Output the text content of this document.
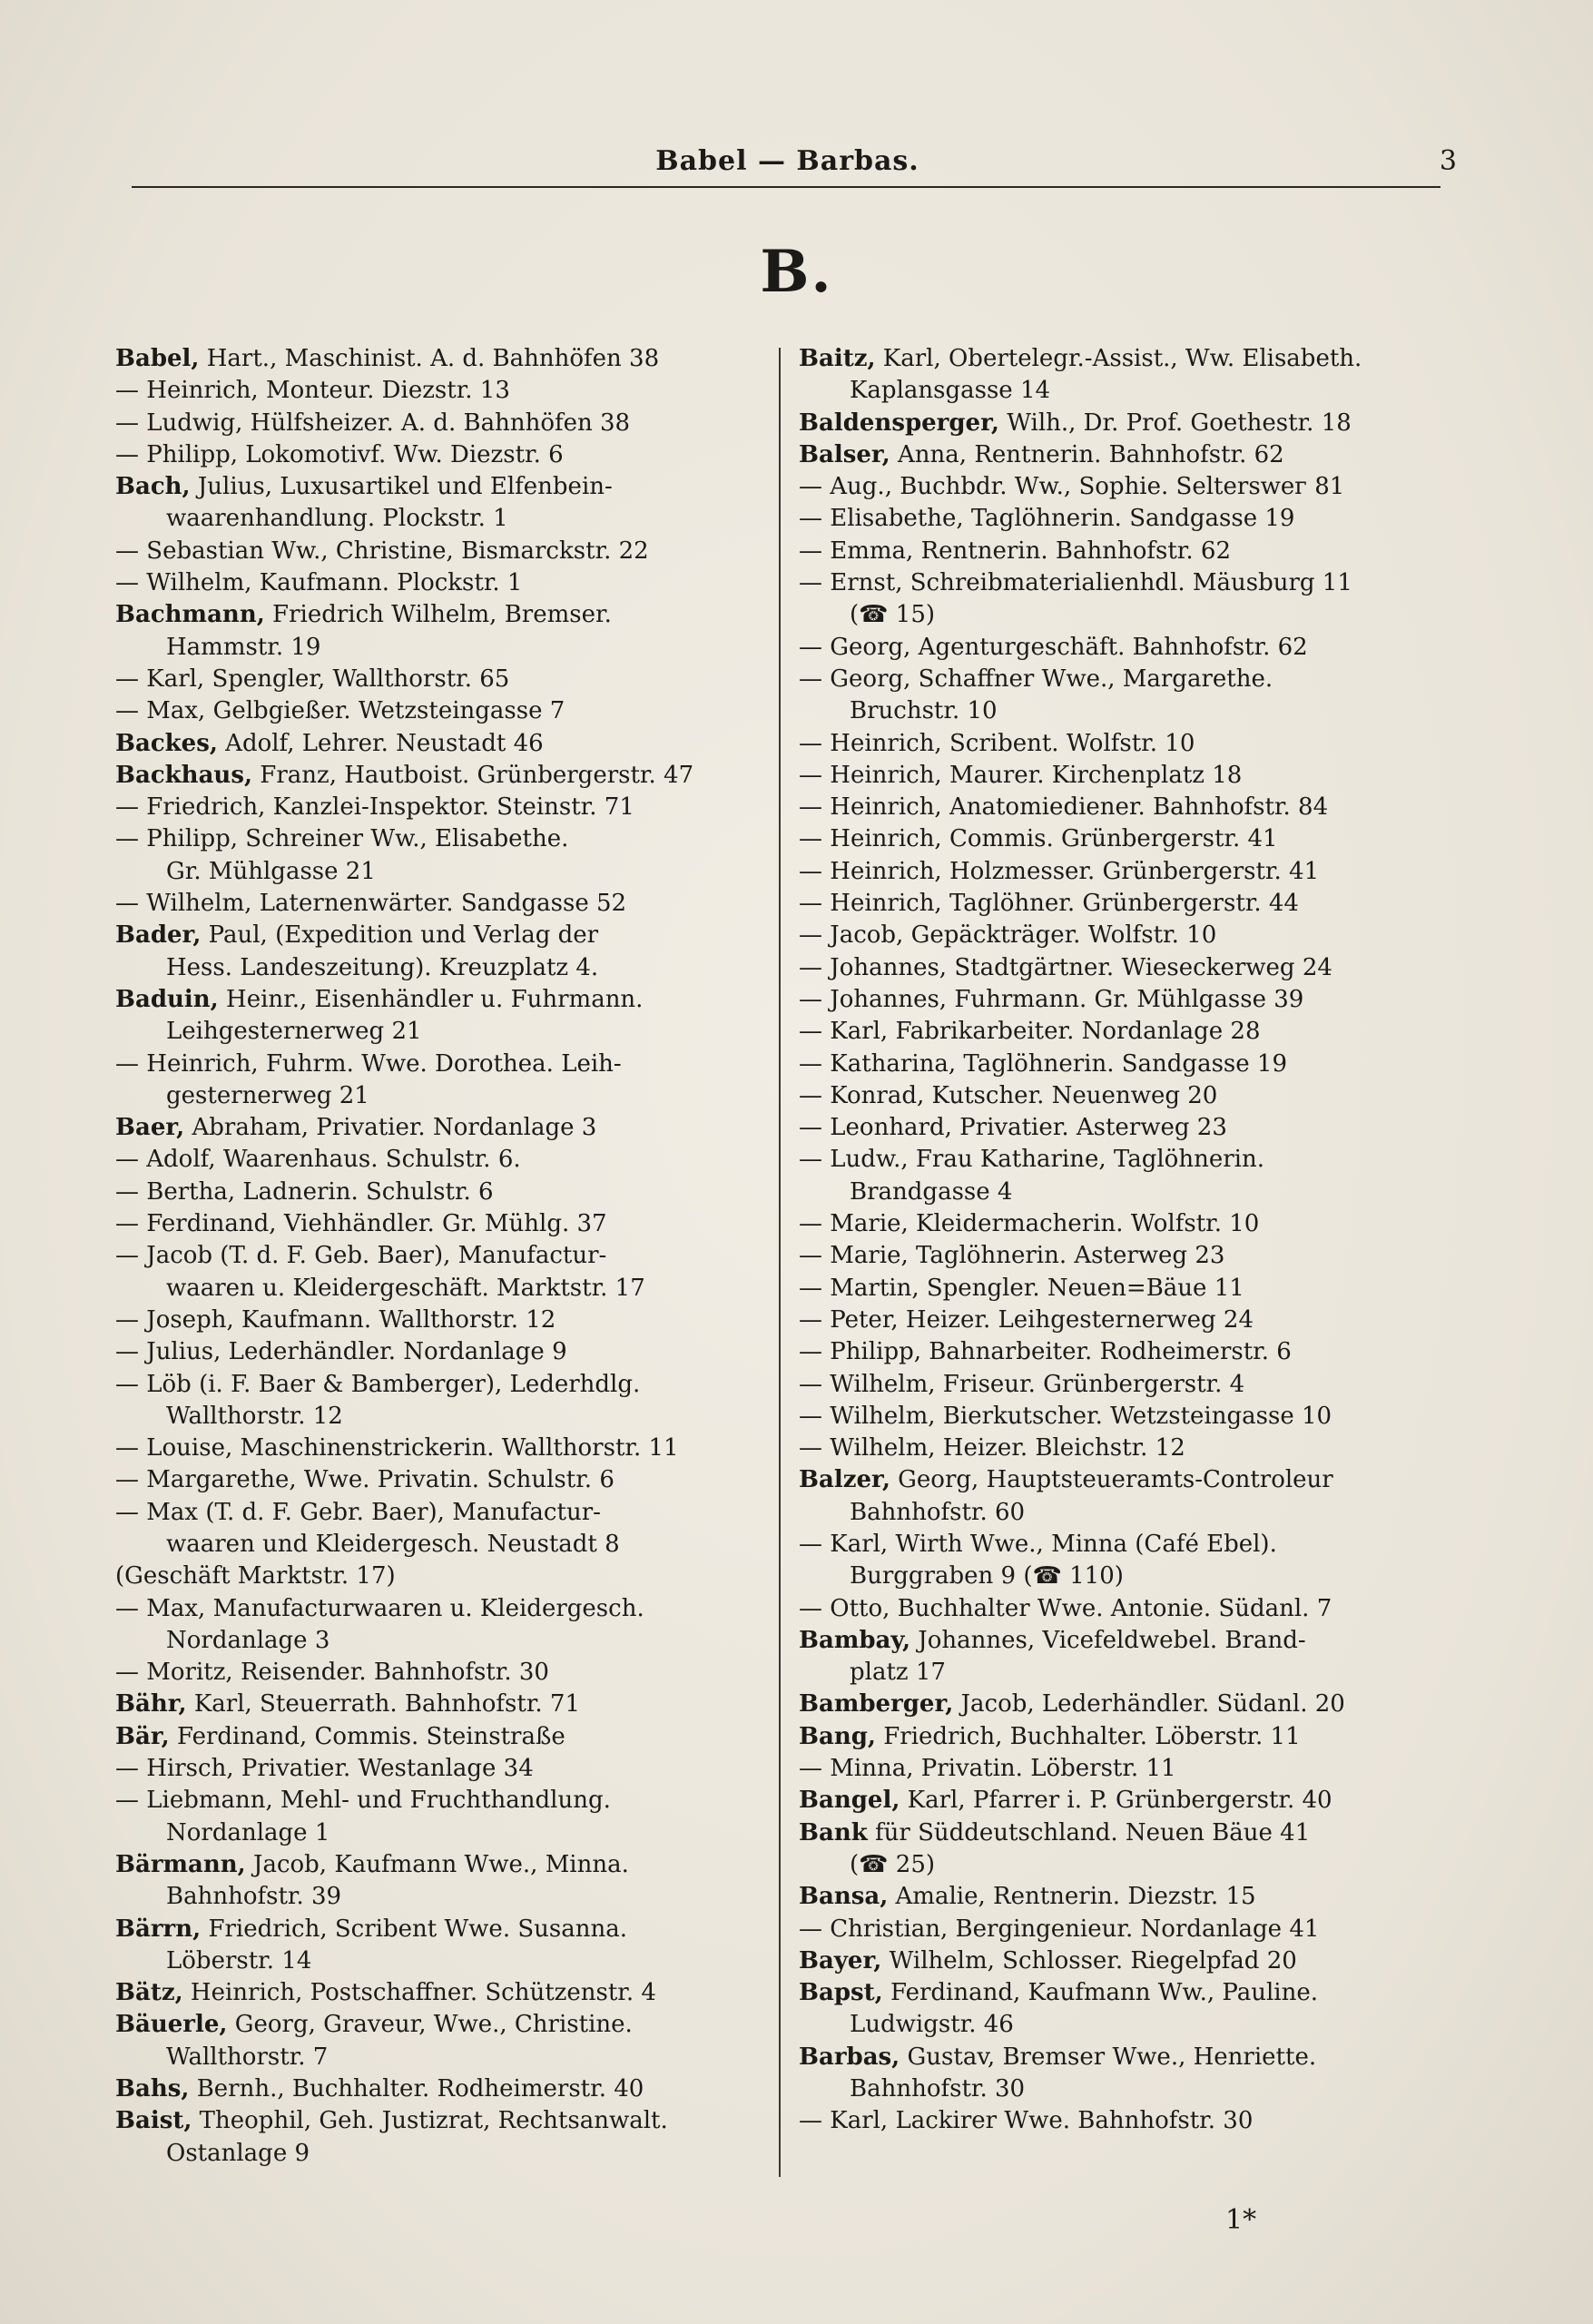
Babel — Barbas.	3
B.
Babel, Hart., Maschinist. A. d. Bahnhöfen 38
— Heinrich, Monteur. Diezstr. 13
— Ludwig, Hülfsheizer. A. d. Bahnhöfen 38
— Philipp, Lokomotivf. Ww. Diezstr. 6
Bach, Julius, Luxusartikel und Elfenbein-
waarenhandlung. Plockstr. 1
— Sebastian Ww., Christine, Bismarckstr. 22
— Wilhelm, Kaufmann. Plockstr. 1
Bachmann, Friedrich Wilhelm, Bremser.
Hammstr. 19
— Karl, Spengler, Wallthorstr. 65
— Max, Gelbgießer. Wetzsteingasse 7
Backes, Adolf, Lehrer. Neustadt 46
Backhaus, Franz, Hautboist. Grünbergerstr. 47
— Friedrich, Kanzlei-Inspektor. Steinstr. 71
— Philipp, Schreiner Ww., Elisabethe.
Gr. Mühlgasse 21
— Wilhelm, Laternenwärter. Sandgasse 52
Bader, Paul, (Expedition und Verlag der
Hess. Landeszeitung). Kreuzplatz 4.
Baduin, Heinr., Eisenhändler u. Fuhrmann.
Leihgesternerweg 21
— Heinrich, Fuhrm. Wwe. Dorothea. Leih-
gesternerweg 21
Baer, Abraham, Privatier. Nordanlage 3
— Adolf, Waarenhaus. Schulstr. 6.
— Bertha, Ladnerin. Schulstr. 6
— Ferdinand, Viehhändler. Gr. Mühlg. 37
— Jacob (T. d. F. Geb. Baer), Manufactur-
waaren u. Kleidergeschäft. Marktstr. 17
— Joseph, Kaufmann. Wallthorstr. 12
— Julius, Lederhändler. Nordanlage 9
— Löb (i. F. Baer & Bamberger), Lederhdlg.
Wallthorstr. 12
— Louise, Maschinenstrickerin. Wallthorstr. 11
— Margarethe, Wwe. Privatin. Schulstr. 6
— Max (T. d. F. Gebr. Baer), Manufactur-
waaren und Kleidergesch. Neustadt 8
(Geschäft Marktstr. 17)
— Max, Manufacturwaaren u. Kleidergesch.
Nordanlage 3
— Moritz, Reisender. Bahnhofstr. 30
Bähr, Karl, Steuerrath. Bahnhofstr. 71
Bär, Ferdinand, Commis. Steinstraße
— Hirsch, Privatier. Westanlage 34
— Liebmann, Mehl- und Fruchthandlung.
Nordanlage 1
Bärmann, Jacob, Kaufmann Wwe., Minna.
Bahnhofstr. 39
Bärrn, Friedrich, Scribent Wwe. Susanna.
Löberstr. 14
Bätz, Heinrich, Postschaffner. Schützenstr. 4
Bäuerle, Georg, Graveur, Wwe., Christine.
Wallthorstr. 7
Bahs, Bernh., Buchhalter. Rodheimerstr. 40
Baist, Theophil, Geh. Justizrat, Rechtsanwalt.
Ostanlage 9
Baitz, Karl, Obertelegr.-Assist., Ww. Elisabeth.
Kaplansgasse 14
Baldensperger, Wilh., Dr. Prof. Goethestr. 18
Balser, Anna, Rentnerin. Bahnhofstr. 62
— Aug., Buchbdr. Ww., Sophie. Selterswег 81
— Elisabethe, Taglöhnerin. Sandgasse 19
— Emma, Rentnerin. Bahnhofstr. 62
— Ernst, Schreibmaterialienhdl. Mäusburg 11
(☎ 15)
— Georg, Agenturgeschäft. Bahnhofstr. 62
— Georg, Schaffner Wwe., Margarethe.
Bruchstr. 10
— Heinrich, Scribent. Wolfstr. 10
— Heinrich, Maurer. Kirchenplatz 18
— Heinrich, Anatomiediener. Bahnhofstr. 84
— Heinrich, Commis. Grünbergerstr. 41
— Heinrich, Holzmesser. Grünbergerstr. 41
— Heinrich, Taglöhner. Grünbergerstr. 44
— Jacob, Gepäckträger. Wolfstr. 10
— Johannes, Stadtgärtner. Wieseckerweg 24
— Johannes, Fuhrmann. Gr. Mühlgasse 39
— Karl, Fabrikarbeiter. Nordanlage 28
— Katharina, Taglöhnerin. Sandgasse 19
— Konrad, Kutscher. Neuenweg 20
— Leonhard, Privatier. Asterweg 23
— Ludw., Frau Katharine, Taglöhnerin.
Brandgasse 4
— Marie, Kleidermacherin. Wolfstr. 10
— Marie, Taglöhnerin. Asterweg 23
— Martin, Spengler. Neuen=Bäue 11
— Peter, Heizer. Leihgesternerweg 24
— Philipp, Bahnarbeiter. Rodheimerstr. 6
— Wilhelm, Friseur. Grünbergerstr. 4
— Wilhelm, Bierkutscher. Wetzsteingasse 10
— Wilhelm, Heizer. Bleichstr. 12
Balzer, Georg, Hauptsteueramts-Controleur
Bahnhofstr. 60
— Karl, Wirth Wwe., Minna (Café Ebel).
Burggraben 9 (☎ 110)
— Otto, Buchhalter Wwe. Antonie. Südanl. 7
Bambay, Johannes, Vicefeldwebel. Brand-
platz 17
Bamberger, Jacob, Lederhändler. Südanl. 20
Bang, Friedrich, Buchhalter. Löberstr. 11
— Minna, Privatin. Löberstr. 11
Bangel, Karl, Pfarrer i. P. Grünbergerstr. 40
Bank für Süddeutschland. Neuen Bäue 41
(☎ 25)
Bansa, Amalie, Rentnerin. Diezstr. 15
— Christian, Bergingenieur. Nordanlage 41
Bayer, Wilhelm, Schlosser. Riegelpfad 20
Bapst, Ferdinand, Kaufmann Ww., Pauline.
Ludwigstr. 46
Barbas, Gustav, Bremser Wwe., Henriette.
Bahnhofstr. 30
— Karl, Lackirer Wwe. Bahnhofstr. 30
1*
